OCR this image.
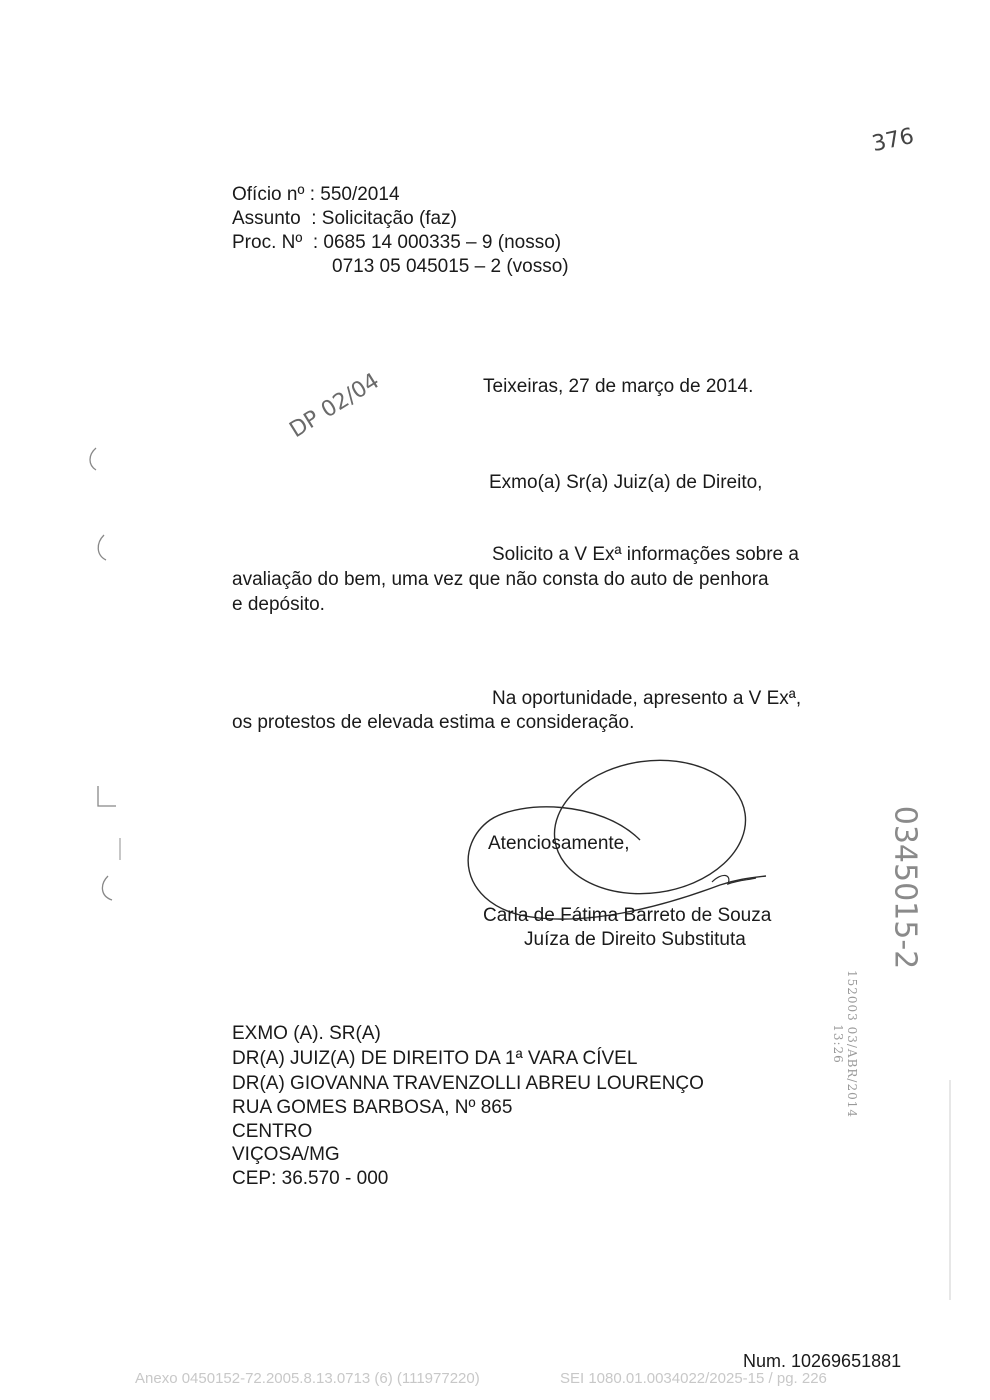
376
Ofício nº : 550/2014
Assunto  : Solicitação (faz)
Proc. Nº  : 0685 14 000335 – 9 (nosso)
0713 05 045015 – 2 (vosso)
Teixeiras, 27 de março de 2014.
DP 02/04
Exmo(a) Sr(a) Juiz(a) de Direito,
Solicito a V Exª informações sobre a
avaliação do bem, uma vez que não consta do auto de penhora
e depósito.
Na oportunidade, apresento a V Exª,
os protestos de elevada estima e consideração.
Atenciosamente,
Carla de Fátima Barreto de Souza
Juíza de Direito Substituta
152003 03/ABR/2014 13:26
0345015-2
EXMO (A). SR(A)
DR(A) JUIZ(A) DE DIREITO DA 1ª VARA CÍVEL
DR(A) GIOVANNA TRAVENZOLLI ABREU LOURENÇO
RUA GOMES BARBOSA, Nº 865
CENTRO
VIÇOSA/MG
CEP: 36.570 - 000
Num. 10269651881
Anexo 0450152-72.2005.8.13.0713 (6) (111977220)	SEI 1080.01.0034022/2025-15 / pg. 226
